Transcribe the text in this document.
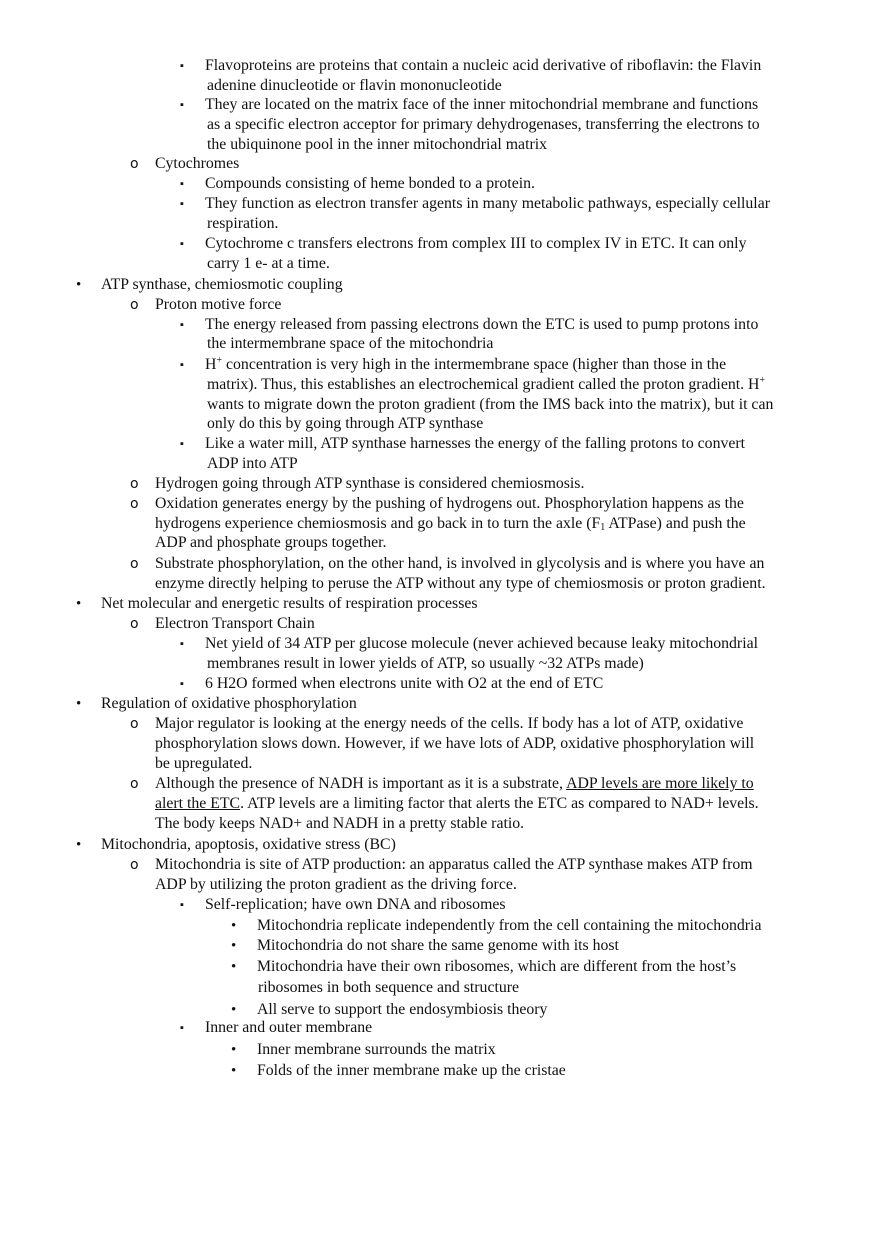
▪ Flavoproteins are proteins that contain a nucleic acid derivative of riboflavin: the Flavin
adenine dinucleotide or flavin mononucleotide
▪ They are located on the matrix face of the inner mitochondrial membrane and functions
as a specific electron acceptor for primary dehydrogenases, transferring the electrons to
the ubiquinone pool in the inner mitochondrial matrix
o Cytochromes
▪ Compounds consisting of heme bonded to a protein.
▪ They function as electron transfer agents in many metabolic pathways, especially cellular
respiration.
▪ Cytochrome c transfers electrons from complex III to complex IV in ETC. It can only
carry 1 e- at a time.
• ATP synthase, chemiosmotic coupling
o Proton motive force
▪ The energy released from passing electrons down the ETC is used to pump protons into
the intermembrane space of the mitochondria
▪ H+ concentration is very high in the intermembrane space (higher than those in the
matrix). Thus, this establishes an electrochemical gradient called the proton gradient. H+
wants to migrate down the proton gradient (from the IMS back into the matrix), but it can
only do this by going through ATP synthase
▪ Like a water mill, ATP synthase harnesses the energy of the falling protons to convert
ADP into ATP
o Hydrogen going through ATP synthase is considered chemiosmosis.
o Oxidation generates energy by the pushing of hydrogens out. Phosphorylation happens as the
hydrogens experience chemiosmosis and go back in to turn the axle ($F_1$ ATPase) and push the
ADP and phosphate groups together.
o Substrate phosphorylation, on the other hand, is involved in glycolysis and is where you have an
enzyme directly helping to peruse the ATP without any type of chemiosmosis or proton gradient.
• Net molecular and energetic results of respiration processes
o Electron Transport Chain
▪ Net yield of 34 ATP per glucose molecule (never achieved because leaky mitochondrial
membranes result in lower yields of ATP, so usually ~32 ATPs made)
▪ 6 H2O formed when electrons unite with O2 at the end of ETC
• Regulation of oxidative phosphorylation
o Major regulator is looking at the energy needs of the cells. If body has a lot of ATP, oxidative
phosphorylation slows down. However, if we have lots of ADP, oxidative phosphorylation will
be upregulated.
o Although the presence of NADH is important as it is a substrate, ADP levels are more likely to
alert the ETC. ATP levels are a limiting factor that alerts the ETC as compared to NAD+ levels.
The body keeps NAD+ and NADH in a pretty stable ratio.
• Mitochondria, apoptosis, oxidative stress (BC)
o Mitochondria is site of ATP production: an apparatus called the ATP synthase makes ATP from
ADP by utilizing the proton gradient as the driving force.
▪ Self-replication; have own DNA and ribosomes
• Mitochondria replicate independently from the cell containing the mitochondria
• Mitochondria do not share the same genome with its host
• Mitochondria have their own ribosomes, which are different from the host’s
ribosomes in both sequence and structure
• All serve to support the endosymbiosis theory
▪ Inner and outer membrane
• Inner membrane surrounds the matrix
• Folds of the inner membrane make up the cristae
